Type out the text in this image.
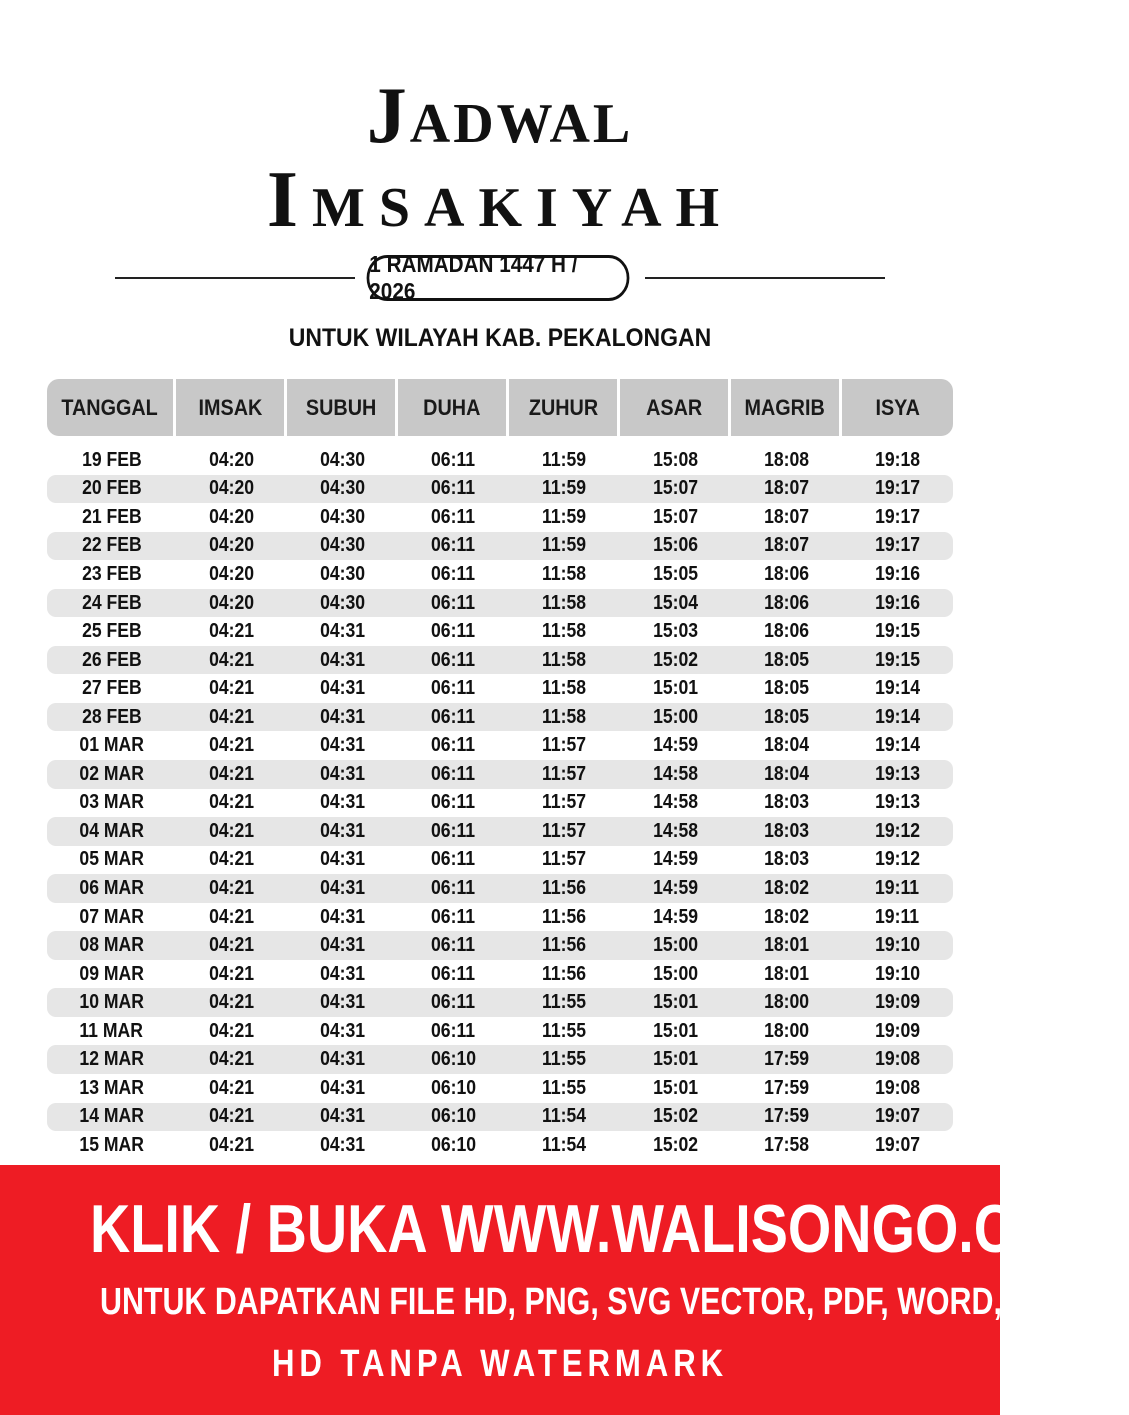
Jadwal
Imsakiyah
1 RAMADAN 1447 H / 2026
UNTUK WILAYAH KAB. PEKALONGAN
TANGGAL IMSAK SUBUH DUHA ZUHUR ASAR MAGRIB ISYA
19 FEB	04:20	04:30	06:11	11:59	15:08	18:08	19:18
20 FEB	04:20	04:30	06:11	11:59	15:07	18:07	19:17
21 FEB	04:20	04:30	06:11	11:59	15:07	18:07	19:17
22 FEB	04:20	04:30	06:11	11:59	15:06	18:07	19:17
23 FEB	04:20	04:30	06:11	11:58	15:05	18:06	19:16
24 FEB	04:20	04:30	06:11	11:58	15:04	18:06	19:16
25 FEB	04:21	04:31	06:11	11:58	15:03	18:06	19:15
26 FEB	04:21	04:31	06:11	11:58	15:02	18:05	19:15
27 FEB	04:21	04:31	06:11	11:58	15:01	18:05	19:14
28 FEB	04:21	04:31	06:11	11:58	15:00	18:05	19:14
01 MAR	04:21	04:31	06:11	11:57	14:59	18:04	19:14
02 MAR	04:21	04:31	06:11	11:57	14:58	18:04	19:13
03 MAR	04:21	04:31	06:11	11:57	14:58	18:03	19:13
04 MAR	04:21	04:31	06:11	11:57	14:58	18:03	19:12
05 MAR	04:21	04:31	06:11	11:57	14:59	18:03	19:12
06 MAR	04:21	04:31	06:11	11:56	14:59	18:02	19:11
07 MAR	04:21	04:31	06:11	11:56	14:59	18:02	19:11
08 MAR	04:21	04:31	06:11	11:56	15:00	18:01	19:10
09 MAR	04:21	04:31	06:11	11:56	15:00	18:01	19:10
10 MAR	04:21	04:31	06:11	11:55	15:01	18:00	19:09
11 MAR	04:21	04:31	06:11	11:55	15:01	18:00	19:09
12 MAR	04:21	04:31	06:10	11:55	15:01	17:59	19:08
13 MAR	04:21	04:31	06:10	11:55	15:01	17:59	19:08
14 MAR	04:21	04:31	06:10	11:54	15:02	17:59	19:07
15 MAR	04:21	04:31	06:10	11:54	15:02	17:58	19:07
KLIK / BUKA WWW.WALISONGO.CO.ID
UNTUK DAPATKAN FILE HD, PNG, SVG VECTOR, PDF, WORD, EXCEL
HD TANPA WATERMARK
